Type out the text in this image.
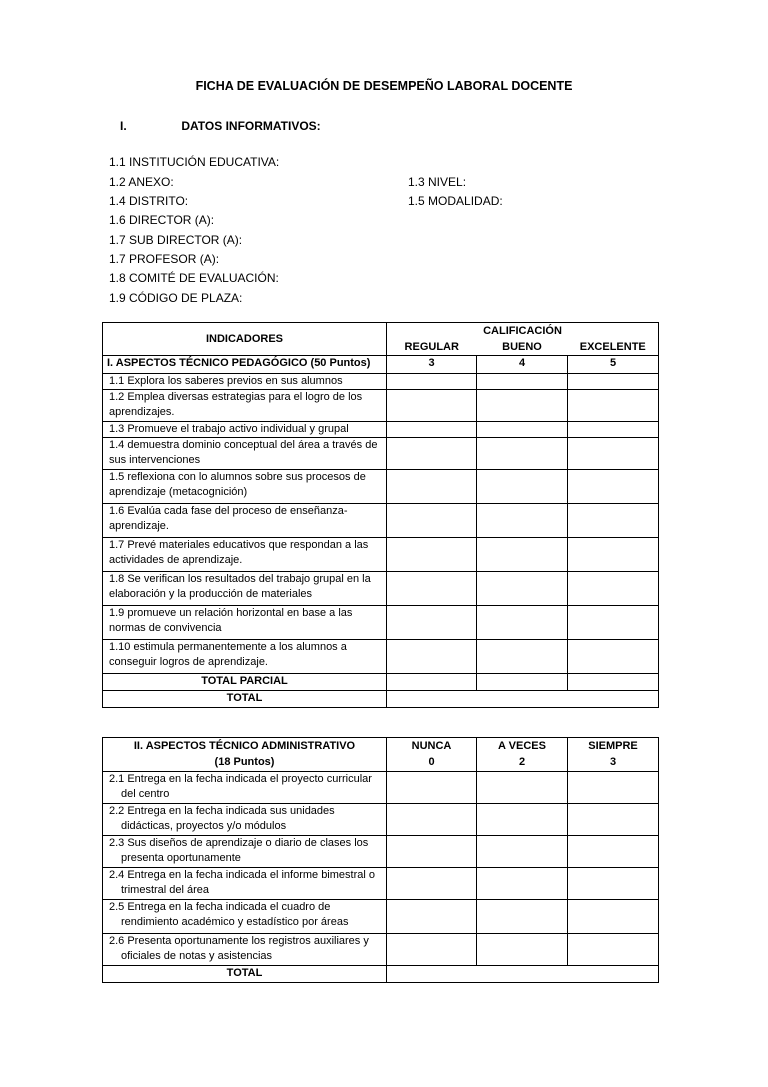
FICHA DE EVALUACIÓN DE DESEMPEÑO LABORAL DOCENTE
I.	DATOS INFORMATIVOS:
1.1 INSTITUCIÓN EDUCATIVA:
1.2 ANEXO:	1.3 NIVEL:
1.4 DISTRITO:	1.5 MODALIDAD:
1.6 DIRECTOR (A):
1.7 SUB DIRECTOR (A):
1.7 PROFESOR (A):
1.8 COMITÉ DE EVALUACIÓN:
1.9 CÓDIGO DE PLAZA:
INDICADORES	CALIFICACIÓN		
	REGULAR	BUENO	EXCELENTE
I. ASPECTOS TÉCNICO PEDAGÓGICO (50 Puntos)	3	4	5
1.1 Explora los saberes previos en sus alumnos			

1.2 Emplea diversas estrategias para el logro de los
aprendizajes.			

1.3 Promueve el trabajo activo individual y grupal			

1.4 demuestra dominio conceptual del área a través de
sus intervenciones			

1.5 reflexiona con lo alumnos sobre sus procesos de
aprendizaje (metacognición)			

1.6 Evalúa cada fase del proceso de enseñanza-
aprendizaje.			

1.7 Prevé materiales educativos que respondan a las
actividades de aprendizaje.			

1.8 Se verifican los resultados del trabajo grupal en la
elaboración y la producción de materiales			

1.9 promueve un relación horizontal en base a las
normas de convivencia			

1.10 estimula permanentemente a los alumnos a
conseguir logros de aprendizaje.			

TOTAL PARCIAL			
TOTAL			
II. ASPECTOS TÉCNICO ADMINISTRATIVO	NUNCA	A VECES	SIEMPRE
(18 Puntos)	0	2	3

2.1 Entrega en la fecha indicada el proyecto curricular
del centro			

2.2 Entrega en la fecha indicada sus unidades
didácticas, proyectos y/o módulos			

2.3 Sus diseños de aprendizaje o diario de clases los
presenta oportunamente			

2.4 Entrega en la fecha indicada el informe bimestral o
trimestral del área			

2.5 Entrega en la fecha indicada el cuadro de
rendimiento académico y estadístico por áreas			

2.6 Presenta oportunamente los registros auxiliares y
oficiales de notas y asistencias			

TOTAL			
